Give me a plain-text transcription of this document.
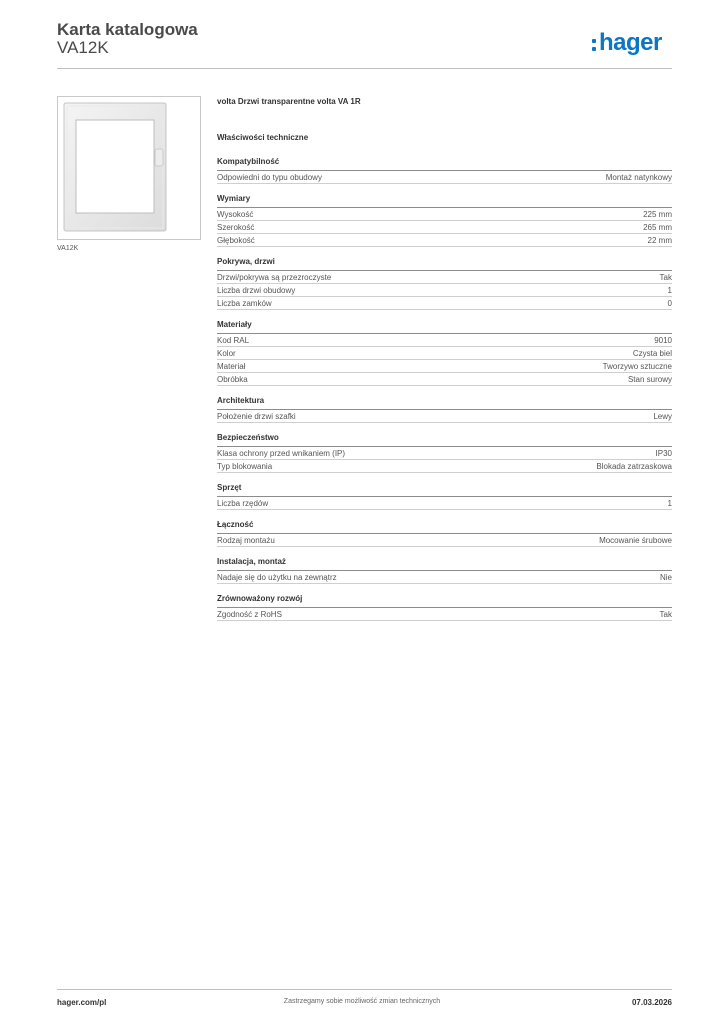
Karta katalogowa
VA12K	hager
VA12K
volta Drzwi transparentne volta VA 1R
Właściwości techniczne
Kompatybilność
Odpowiedni do typu obudowy	Montaż natynkowy
Wymiary
Wysokość	225 mm
Szerokość	265 mm
Głębokość	22 mm
Pokrywa, drzwi
Drzwi/pokrywa są przezroczyste	Tak
Liczba drzwi obudowy	1
Liczba zamków	0
Materiały
Kod RAL	9010
Kolor	Czysta biel
Materiał	Tworzywo sztuczne
Obróbka	Stan surowy
Architektura
Położenie drzwi szafki	Lewy
Bezpieczeństwo
Klasa ochrony przed wnikaniem (IP)	IP30
Typ blokowania	Blokada zatrzaskowa
Sprzęt
Liczba rzędów	1
Łączność
Rodzaj montażu	Mocowanie śrubowe
Instalacja, montaż
Nadaje się do użytku na zewnątrz	Nie
Zrównoważony rozwój
Zgodność z RoHS	Tak
hager.com/pl	Zastrzegamy sobie możliwość zmian technicznych	07.03.2026
